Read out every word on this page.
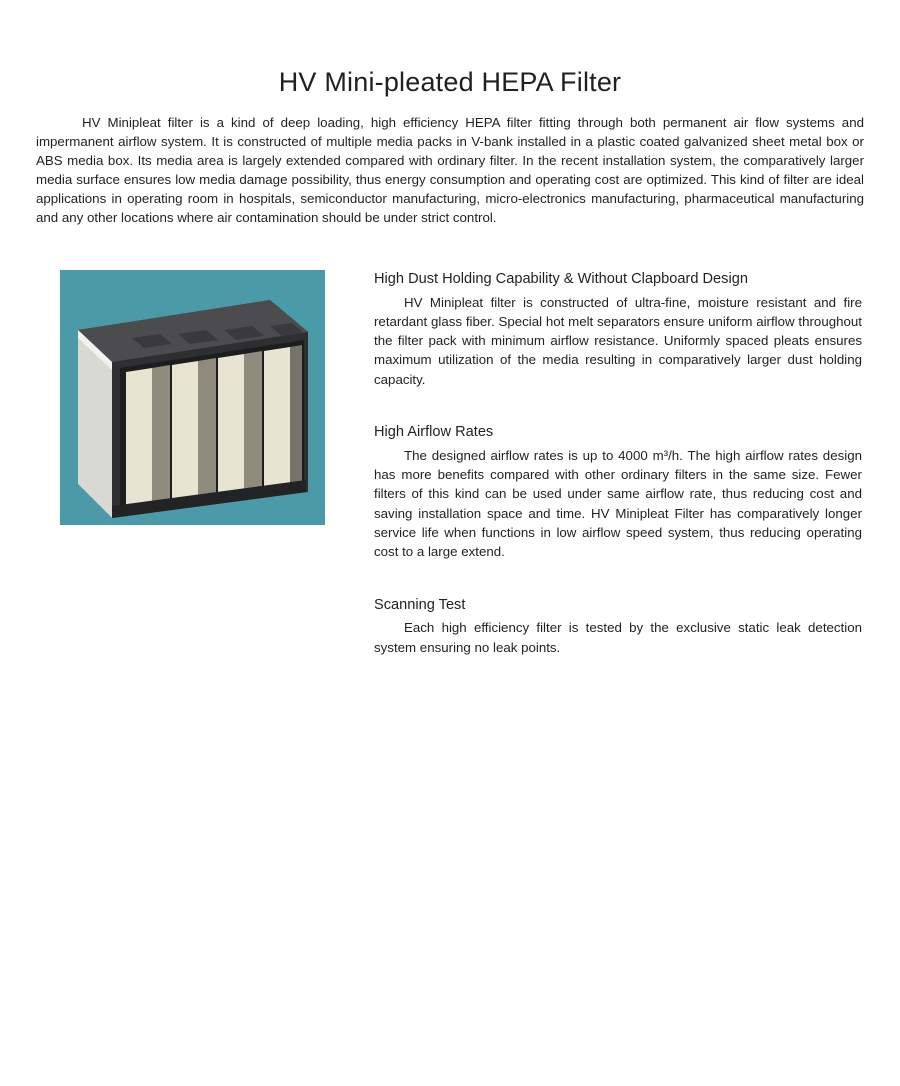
HV Mini-pleated HEPA Filter

HV Minipleat filter is a kind of deep loading, high efficiency HEPA filter fitting through both permanent air flow systems and impermanent airflow system. It is constructed of multiple media packs in V-bank installed in a plastic coated galvanized sheet metal box or ABS media box. Its media area is largely extended compared with ordinary filter. In the recent installation system, the comparatively larger media surface ensures low media damage possibility, thus energy consumption and operating cost are optimized. This kind of filter are ideal applications in operating room in hospitals, semiconductor manufacturing, micro-electronics manufacturing, pharmaceutical manufacturing and any other locations where air contamination should be under strict control.

High Dust Holding Capability & Without Clapboard Design

HV Minipleat filter is constructed of ultra-fine, moisture resistant and fire retardant glass fiber. Special hot melt separators ensure uniform airflow throughout the filter pack with minimum airflow resistance. Uniformly spaced pleats ensures maximum utilization of the media resulting in comparatively larger dust holding capacity.

High Airflow Rates

The designed airflow rates is up to 4000 m³/h. The high airflow rates design has more benefits compared with other ordinary filters in the same size. Fewer filters of this kind can be used under same airflow rate, thus reducing cost and saving installation space and time. HV Minipleat Filter has comparatively longer service life when functions in low airflow speed system, thus reducing operating cost to a large extend.

Scanning Test

Each high efficiency filter is tested by the exclusive static leak detection system ensuring no leak points.
